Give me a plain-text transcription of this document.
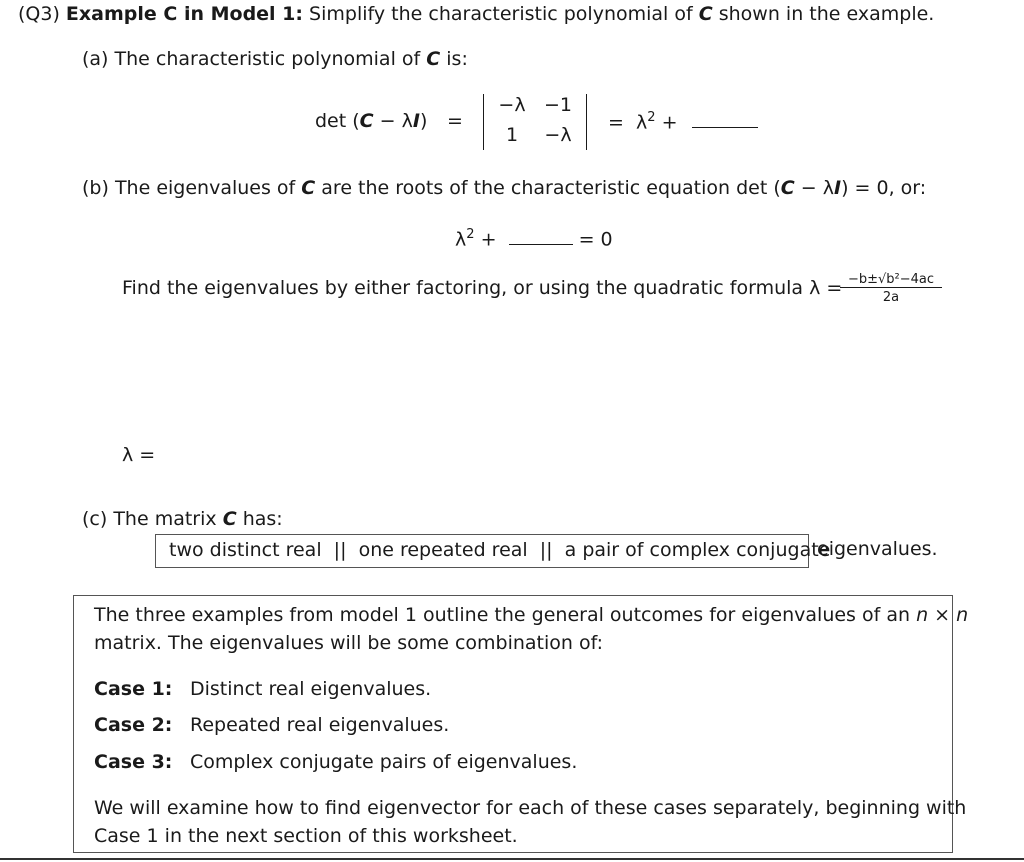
(Q3) Example C in Model 1: Simplify the characteristic polynomial of C shown in the example.
(a) The characteristic polynomial of C is:
det (C − λI) =
−λ −1
1	−λ
= $\lambda^2$ +
(b) The eigenvalues of C are the roots of the characteristic equation det (C − λI) = 0, or:
$\lambda^2$ +	= 0
Find the eigenvalues by either factoring, or using the quadratic formula λ = −b±√b²−4ac
2a
λ =
(c) The matrix C has:
two distinct real  ||  one repeated real  ||  a pair of complex conjugate
eigenvalues.
The three examples from model 1 outline the general outcomes for eigenvalues of an n × n
matrix. The eigenvalues will be some combination of:
Case 1: Distinct real eigenvalues.
Case 2: Repeated real eigenvalues.
Case 3: Complex conjugate pairs of eigenvalues.
We will examine how to find eigenvector for each of these cases separately, beginning with
Case 1 in the next section of this worksheet.
